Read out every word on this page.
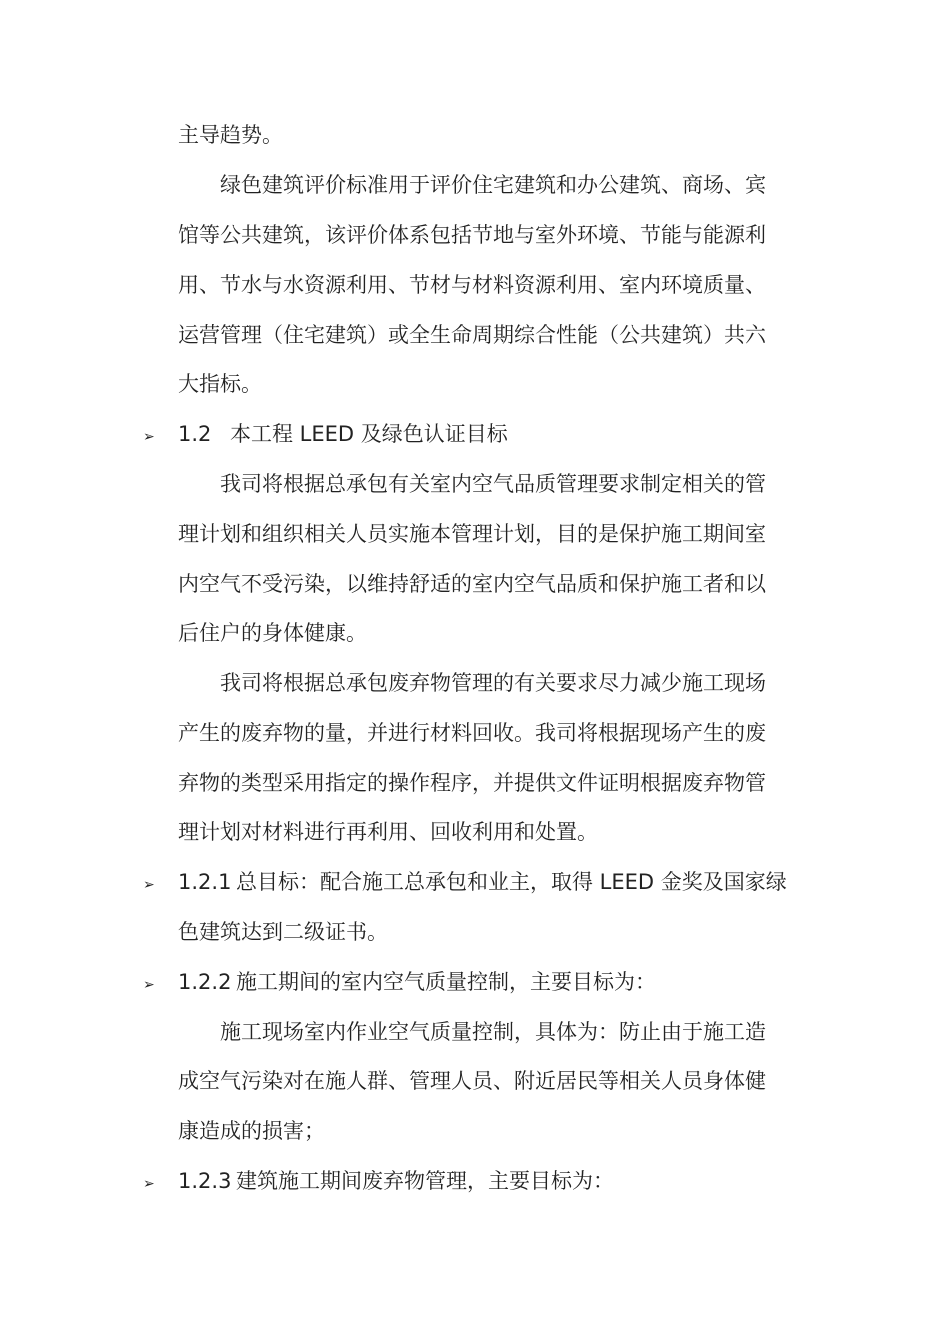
主导趋势。

绿色建筑评价标准用于评价住宅建筑和办公建筑、商场、宾

馆等公共建筑，该评价体系包括节地与室外环境、节能与能源利

用、节水与水资源利用、节材与材料资源利用、室内环境质量、

运营管理（住宅建筑）或全生命周期综合性能（公共建筑）共六

大指标。

➢ 1.2 本工程 LEED 及绿色认证目标

我司将根据总承包有关室内空气品质管理要求制定相关的管

理计划和组织相关人员实施本管理计划，目的是保护施工期间室

内空气不受污染，以维持舒适的室内空气品质和保护施工者和以

后住户的身体健康。

我司将根据总承包废弃物管理的有关要求尽力减少施工现场

产生的废弃物的量，并进行材料回收。我司将根据现场产生的废

弃物的类型采用指定的操作程序，并提供文件证明根据废弃物管

理计划对材料进行再利用、回收利用和处置。

➢ 1.2.1 总目标：配合施工总承包和业主，取得 LEED 金奖及国家绿

色建筑达到二级证书。

➢ 1.2.2 施工期间的室内空气质量控制，主要目标为：

施工现场室内作业空气质量控制，具体为：防止由于施工造

成空气污染对在施人群、管理人员、附近居民等相关人员身体健

康造成的损害；

➢ 1.2.3 建筑施工期间废弃物管理，主要目标为：
